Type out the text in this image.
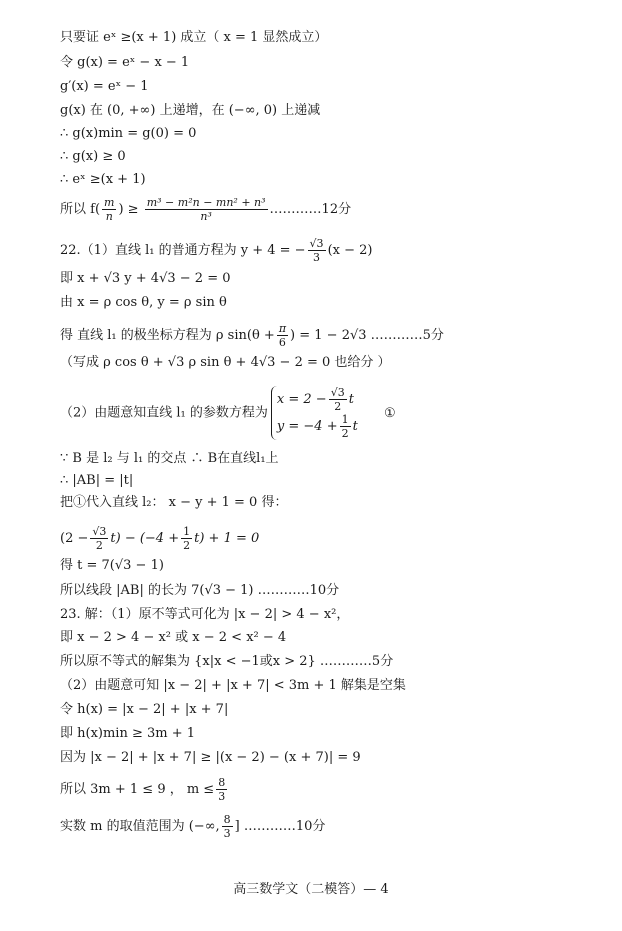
只要证 eˣ ≥(x + 1) 成立（ x = 1 显然成立）
令 g(x) = eˣ − x − 1
g′(x) = eˣ − 1
g(x) 在 (0, +∞) 上递增，在 (−∞, 0) 上递减
∴ g(x)min = g(0) = 0
∴ g(x) ≥ 0
∴ eˣ ≥(x + 1)
所以 $f( \frac{m}{n}$ ) ≥ $\frac{\text{m³ − m²n − mn² + n³}}{\text{n³}}$ …………12分
22.（1）直线 l₁ 的普通方程为 y + 4 = − $\frac{√3}{3} (x - 2)$
即 x + √3 y + 4√3 − 2 = 0
由 x = ρ cos θ, y = ρ sin θ
得 直线 l₁ 的极坐标方程为 ρ $\sin(\theta + \frac{\pi}{6}$ ) = 1 − 2√3 …………5分
（写成 ρ cos θ + √3 ρ sin θ + 4√3 − 2 = 0 也给分 ）
（2）由题意知直线 l₁ 的参数方程为
$x = 2 - \frac{√3}{2}$ t
$y = -4 + \frac{1}{2}$ t
①
∵ B 是 l₂ 与 l₁ 的交点 ∴ B在直线l₁上
∴ |AB| = |t|
把①代入直线 l₂： x − y + 1 = 0 得：
$(2 - \frac{√3}{2} t) - (-4 + \frac{1}{2} t) + 1 = 0$
得 t = 7(√3 − 1)
所以线段 |AB| 的长为 7(√3 − 1) …………10分
23. 解：（1）原不等式可化为 |x − 2| > 4 − x²，
即 x − 2 > 4 − x² 或 x − 2 < x² − 4
所以原不等式的解集为 {x|x < −1或x > 2} …………5分
（2）由题意可知 |x − 2| + |x + 7| < 3m + 1 解集是空集
令 h(x) = |x − 2| + |x + 7|
即 h(x)min ≥ 3m + 1
因为 |x − 2| + |x + 7| ≥ |(x − 2) − (x + 7)| = 9
所以 3m + 1 ≤ 9 ， $m \le \frac{8}{3}$
实数 m 的取值范围为 (−∞, $\frac{8}{3}$ ] …………10分
高三数学文（二模答）— 4
